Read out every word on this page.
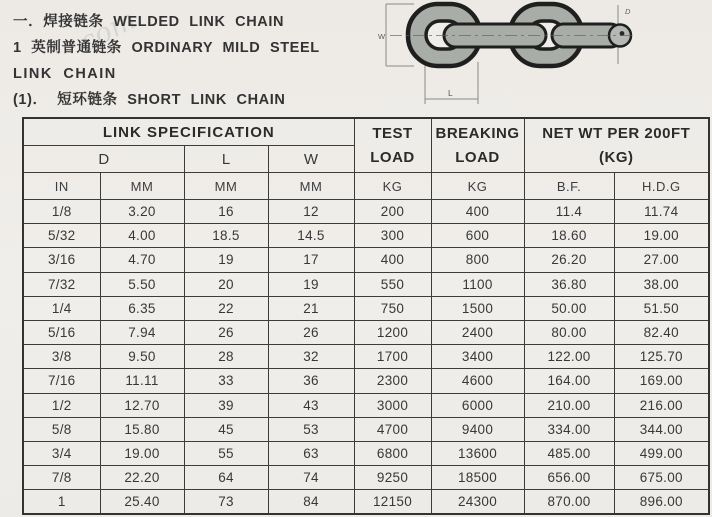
com
一．焊接链条 WELDED LINK CHAIN
1 英制普通链条 ORDINARY MILD STEEL
LINK CHAIN
(1)． 短环链条 SHORT LINK CHAIN
W
L
D
LINK SPECIFICATION	TEST
LOAD

BREAKING
LOAD

NET WT PER 200FT
(KG)

D		L	W				
IN	MM	MM	MM	KG	KG	B.F.	H.D.G
1/8	3.20	16	12	200	400	11.4	11.74
5/32	4.00	18.5	14.5	300	600	18.60	19.00
3/16	4.70	19	17	400	800	26.20	27.00
7/32	5.50	20	19	550	1100	36.80	38.00
1/4	6.35	22	21	750	1500	50.00	51.50
5/16	7.94	26	26	1200	2400	80.00	82.40
3/8	9.50	28	32	1700	3400	122.00	125.70
7/16	11.11	33	36	2300	4600	164.00	169.00
1/2	12.70	39	43	3000	6000	210.00	216.00
5/8	15.80	45	53	4700	9400	334.00	344.00
3/4	19.00	55	63	6800	13600	485.00	499.00
7/8	22.20	64	74	9250	18500	656.00	675.00
1	25.40	73	84	12150	24300	870.00	896.00
